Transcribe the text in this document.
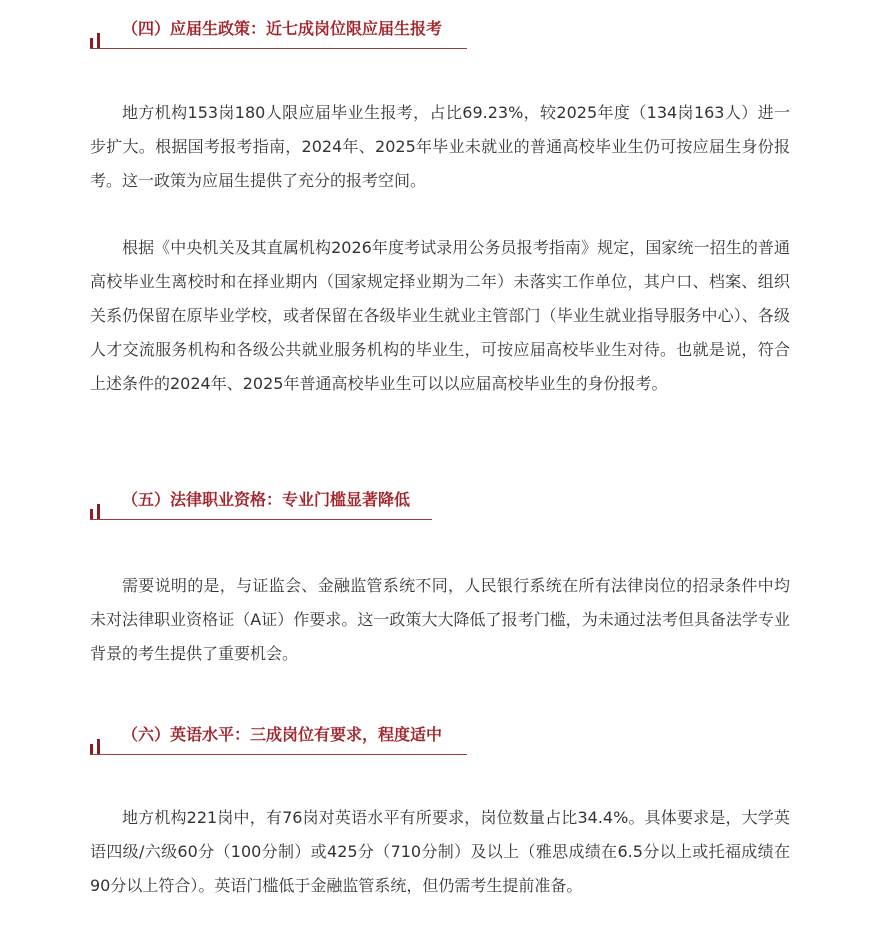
（四）应届生政策：近七成岗位限应届生报考

地方机构153岗180人限应届毕业生报考，占比69.23%，较2025年度（134岗163人）进一步扩大。根据国考报考指南，2024年、2025年毕业未就业的普通高校毕业生仍可按应届生身份报考。这一政策为应届生提供了充分的报考空间。

根据《中央机关及其直属机构2026年度考试录用公务员报考指南》规定，国家统一招生的普通高校毕业生离校时和在择业期内（国家规定择业期为二年）未落实工作单位，其户口、档案、组织关系仍保留在原毕业学校，或者保留在各级毕业生就业主管部门（毕业生就业指导服务中心）、各级人才交流服务机构和各级公共就业服务机构的毕业生，可按应届高校毕业生对待。也就是说，符合上述条件的2024年、2025年普通高校毕业生可以以应届高校毕业生的身份报考。

（五）法律职业资格：专业门槛显著降低

需要说明的是，与证监会、金融监管系统不同，人民银行系统在所有法律岗位的招录条件中均未对法律职业资格证（A证）作要求。这一政策大大降低了报考门槛，为未通过法考但具备法学专业背景的考生提供了重要机会。

（六）英语水平：三成岗位有要求，程度适中

地方机构221岗中，有76岗对英语水平有所要求，岗位数量占比34.4%。具体要求是，大学英语四级/六级60分（100分制）或425分（710分制）及以上（雅思成绩在6.5分以上或托福成绩在90分以上符合）。英语门槛低于金融监管系统，但仍需考生提前准备。
